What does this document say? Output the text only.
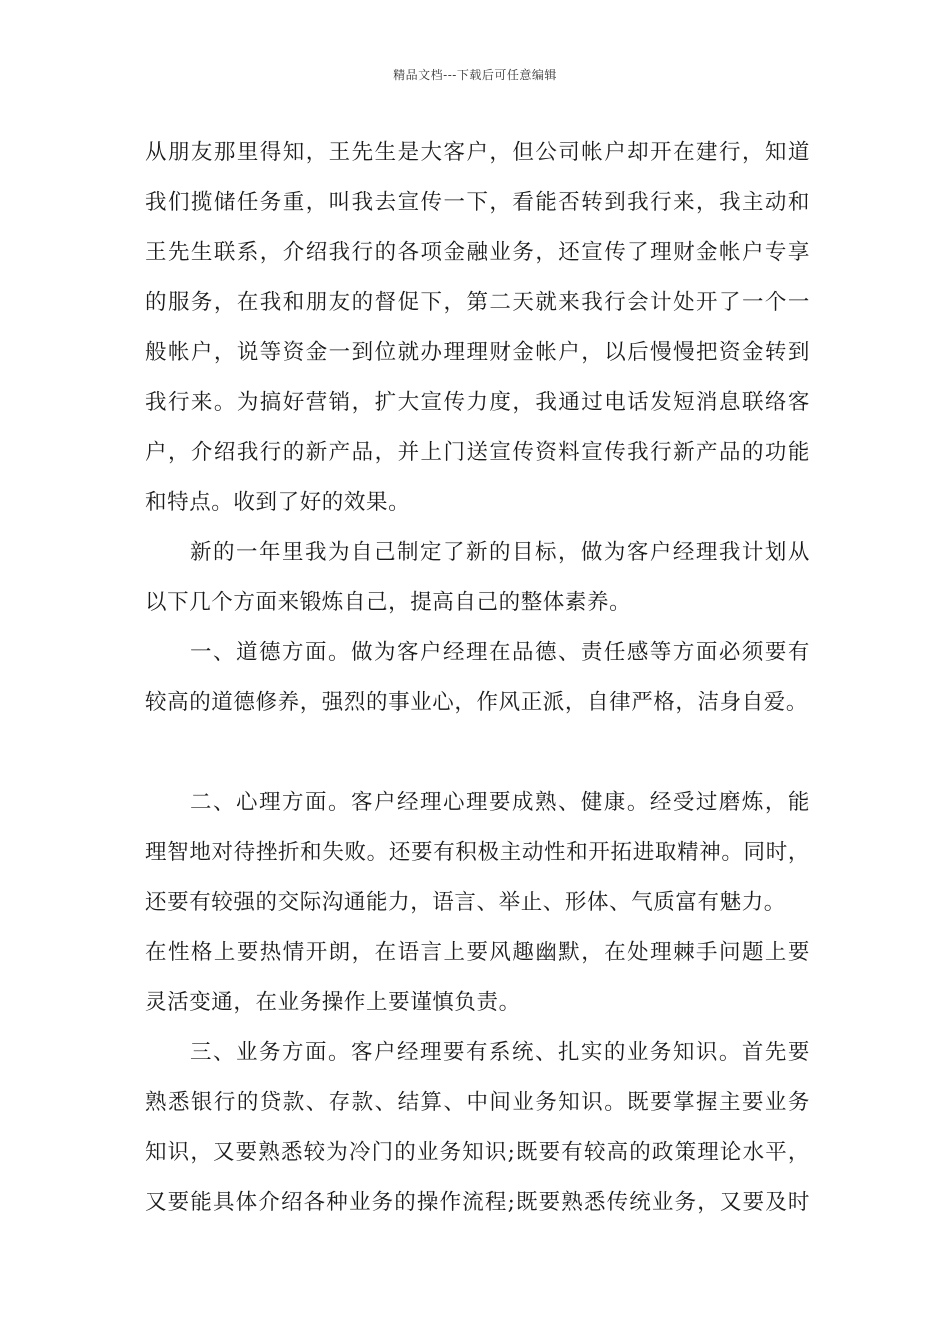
精品文档---下载后可任意编辑
从朋友那里得知，王先生是大客户，但公司帐户却开在建行，知道
我们揽储任务重，叫我去宣传一下，看能否转到我行来，我主动和
王先生联系，介绍我行的各项金融业务，还宣传了理财金帐户专享
的服务，在我和朋友的督促下，第二天就来我行会计处开了一个一
般帐户，说等资金一到位就办理理财金帐户，以后慢慢把资金转到
我行来。为搞好营销，扩大宣传力度，我通过电话发短消息联络客
户，介绍我行的新产品，并上门送宣传资料宣传我行新产品的功能
和特点。收到了好的效果。
新的一年里我为自己制定了新的目标，做为客户经理我计划从
以下几个方面来锻炼自己，提高自己的整体素养。
一、道德方面。做为客户经理在品德、责任感等方面必须要有
较高的道德修养，强烈的事业心，作风正派，自律严格，洁身自爱。
二、心理方面。客户经理心理要成熟、健康。经受过磨炼，能
理智地对待挫折和失败。还要有积极主动性和开拓进取精神。同时，
还要有较强的交际沟通能力，语言、举止、形体、气质富有魅力。
在性格上要热情开朗，在语言上要风趣幽默，在处理棘手问题上要
灵活变通，在业务操作上要谨慎负责。
三、业务方面。客户经理要有系统、扎实的业务知识。首先要
熟悉银行的贷款、存款、结算、中间业务知识。既要掌握主要业务
知识，又要熟悉较为冷门的业务知识;既要有较高的政策理论水平，
又要能具体介绍各种业务的操作流程;既要熟悉传统业务，又要及时
